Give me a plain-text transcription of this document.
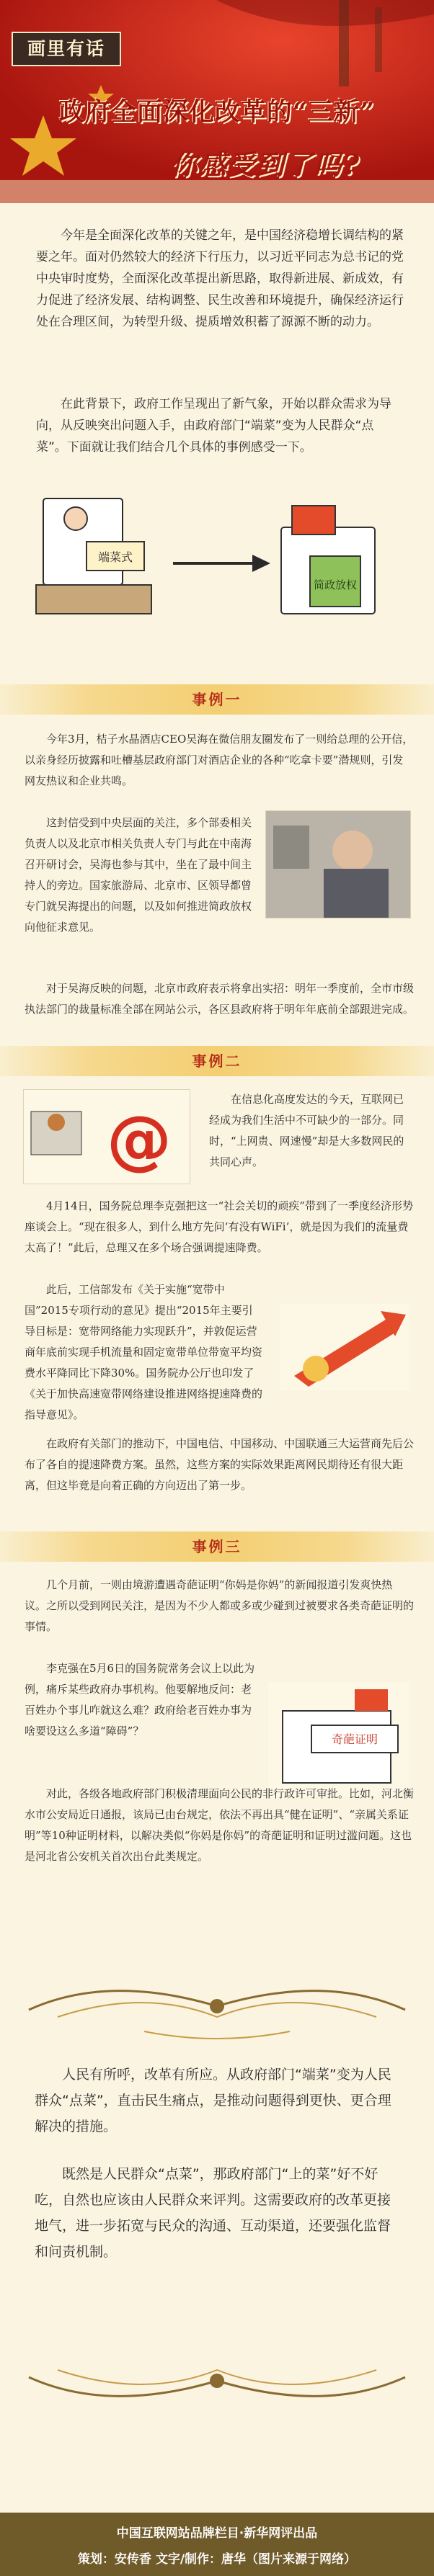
画里有话
政府全面深化改革的“三新”
你感受到了吗?

今年是全面深化改革的关键之年，是中国经济稳增长调结构的紧要之年。面对仍然较大的经济下行压力，以习近平同志为总书记的党中央审时度势，全面深化改革提出新思路，取得新进展、新成效，有力促进了经济发展、结构调整、民生改善和环境提升，确保经济运行处在合理区间，为转型升级、提质增效积蓄了源源不断的动力。

在此背景下，政府工作呈现出了新气象，开始以群众需求为导向，从反映突出问题入手，由政府部门“端菜”变为人民群众“点菜”。下面就让我们结合几个具体的事例感受一下。

端菜式
简政放权
事例一

今年3月，桔子水晶酒店CEO吴海在微信朋友圈发布了一则给总理的公开信，以亲身经历披露和吐槽基层政府部门对酒店企业的各种“吃拿卡要”潜规则，引发网友热议和企业共鸣。

这封信受到中央层面的关注，多个部委相关负责人以及北京市相关负责人专门与此在中南海召开研讨会，吴海也参与其中，坐在了最中间主持人的旁边。国家旅游局、北京市、区领导都曾专门就吴海提出的问题，以及如何推进简政放权向他征求意见。

对于吴海反映的问题，北京市政府表示将拿出实招：明年一季度前，全市市级执法部门的裁量标准全部在网站公示，各区县政府将于明年年底前全部跟进完成。

事例二
@

在信息化高度发达的今天，互联网已经成为我们生活中不可缺少的一部分。同时，“上网贵、网速慢”却是大多数网民的共同心声。

4月14日，国务院总理李克强把这一“社会关切的顽疾”带到了一季度经济形势座谈会上。“现在很多人，到什么地方先问‘有没有WiFi’，就是因为我们的流量费太高了！”此后，总理又在多个场合强调提速降费。

此后，工信部发布《关于实施“宽带中国”2015专项行动的意见》提出“2015年主要引导目标是：宽带网络能力实现跃升”，并敦促运营商年底前实现手机流量和固定宽带单位带宽平均资费水平降同比下降30%。国务院办公厅也印发了《关于加快高速宽带网络建设推进网络提速降费的指导意见》。

在政府有关部门的推动下，中国电信、中国移动、中国联通三大运营商先后公布了各自的提速降费方案。虽然，这些方案的实际效果距离网民期待还有很大距离，但这毕竟是向着正确的方向迈出了第一步。

事例三

几个月前，一则由境游遭遇奇葩证明“你妈是你妈”的新闻报道引发爽快热议。之所以受到网民关注，是因为不少人都或多或少碰到过被要求各类奇葩证明的事情。

李克强在5月6日的国务院常务会议上以此为例，痛斥某些政府办事机构。他要解地反问：老百姓办个事儿咋就这么难？政府给老百姓办事为啥要设这么多道“障碍”？

奇葩证明

对此，各级各地政府部门积极清理面向公民的非行政许可审批。比如，河北衡水市公安局近日通报，该局已由台规定，依法不再出具“健在证明”、“亲属关系证明”等10种证明材料，以解决类似“你妈是你妈”的奇葩证明和证明过滥问题。这也是河北省公安机关首次出台此类规定。

人民有所呼，改革有所应。从政府部门“端菜”变为人民群众“点菜”，直击民生痛点，是推动问题得到更快、更合理解决的措施。

既然是人民群众“点菜”，那政府部门“上的菜”好不好吃，自然也应该由人民群众来评判。这需要政府的改革更接地气，进一步拓宽与民众的沟通、互动渠道，还要强化监督和问责机制。

中国互联网站品牌栏目·新华网评出品
策划：安传香 文字/制作：唐华（图片来源于网络）
